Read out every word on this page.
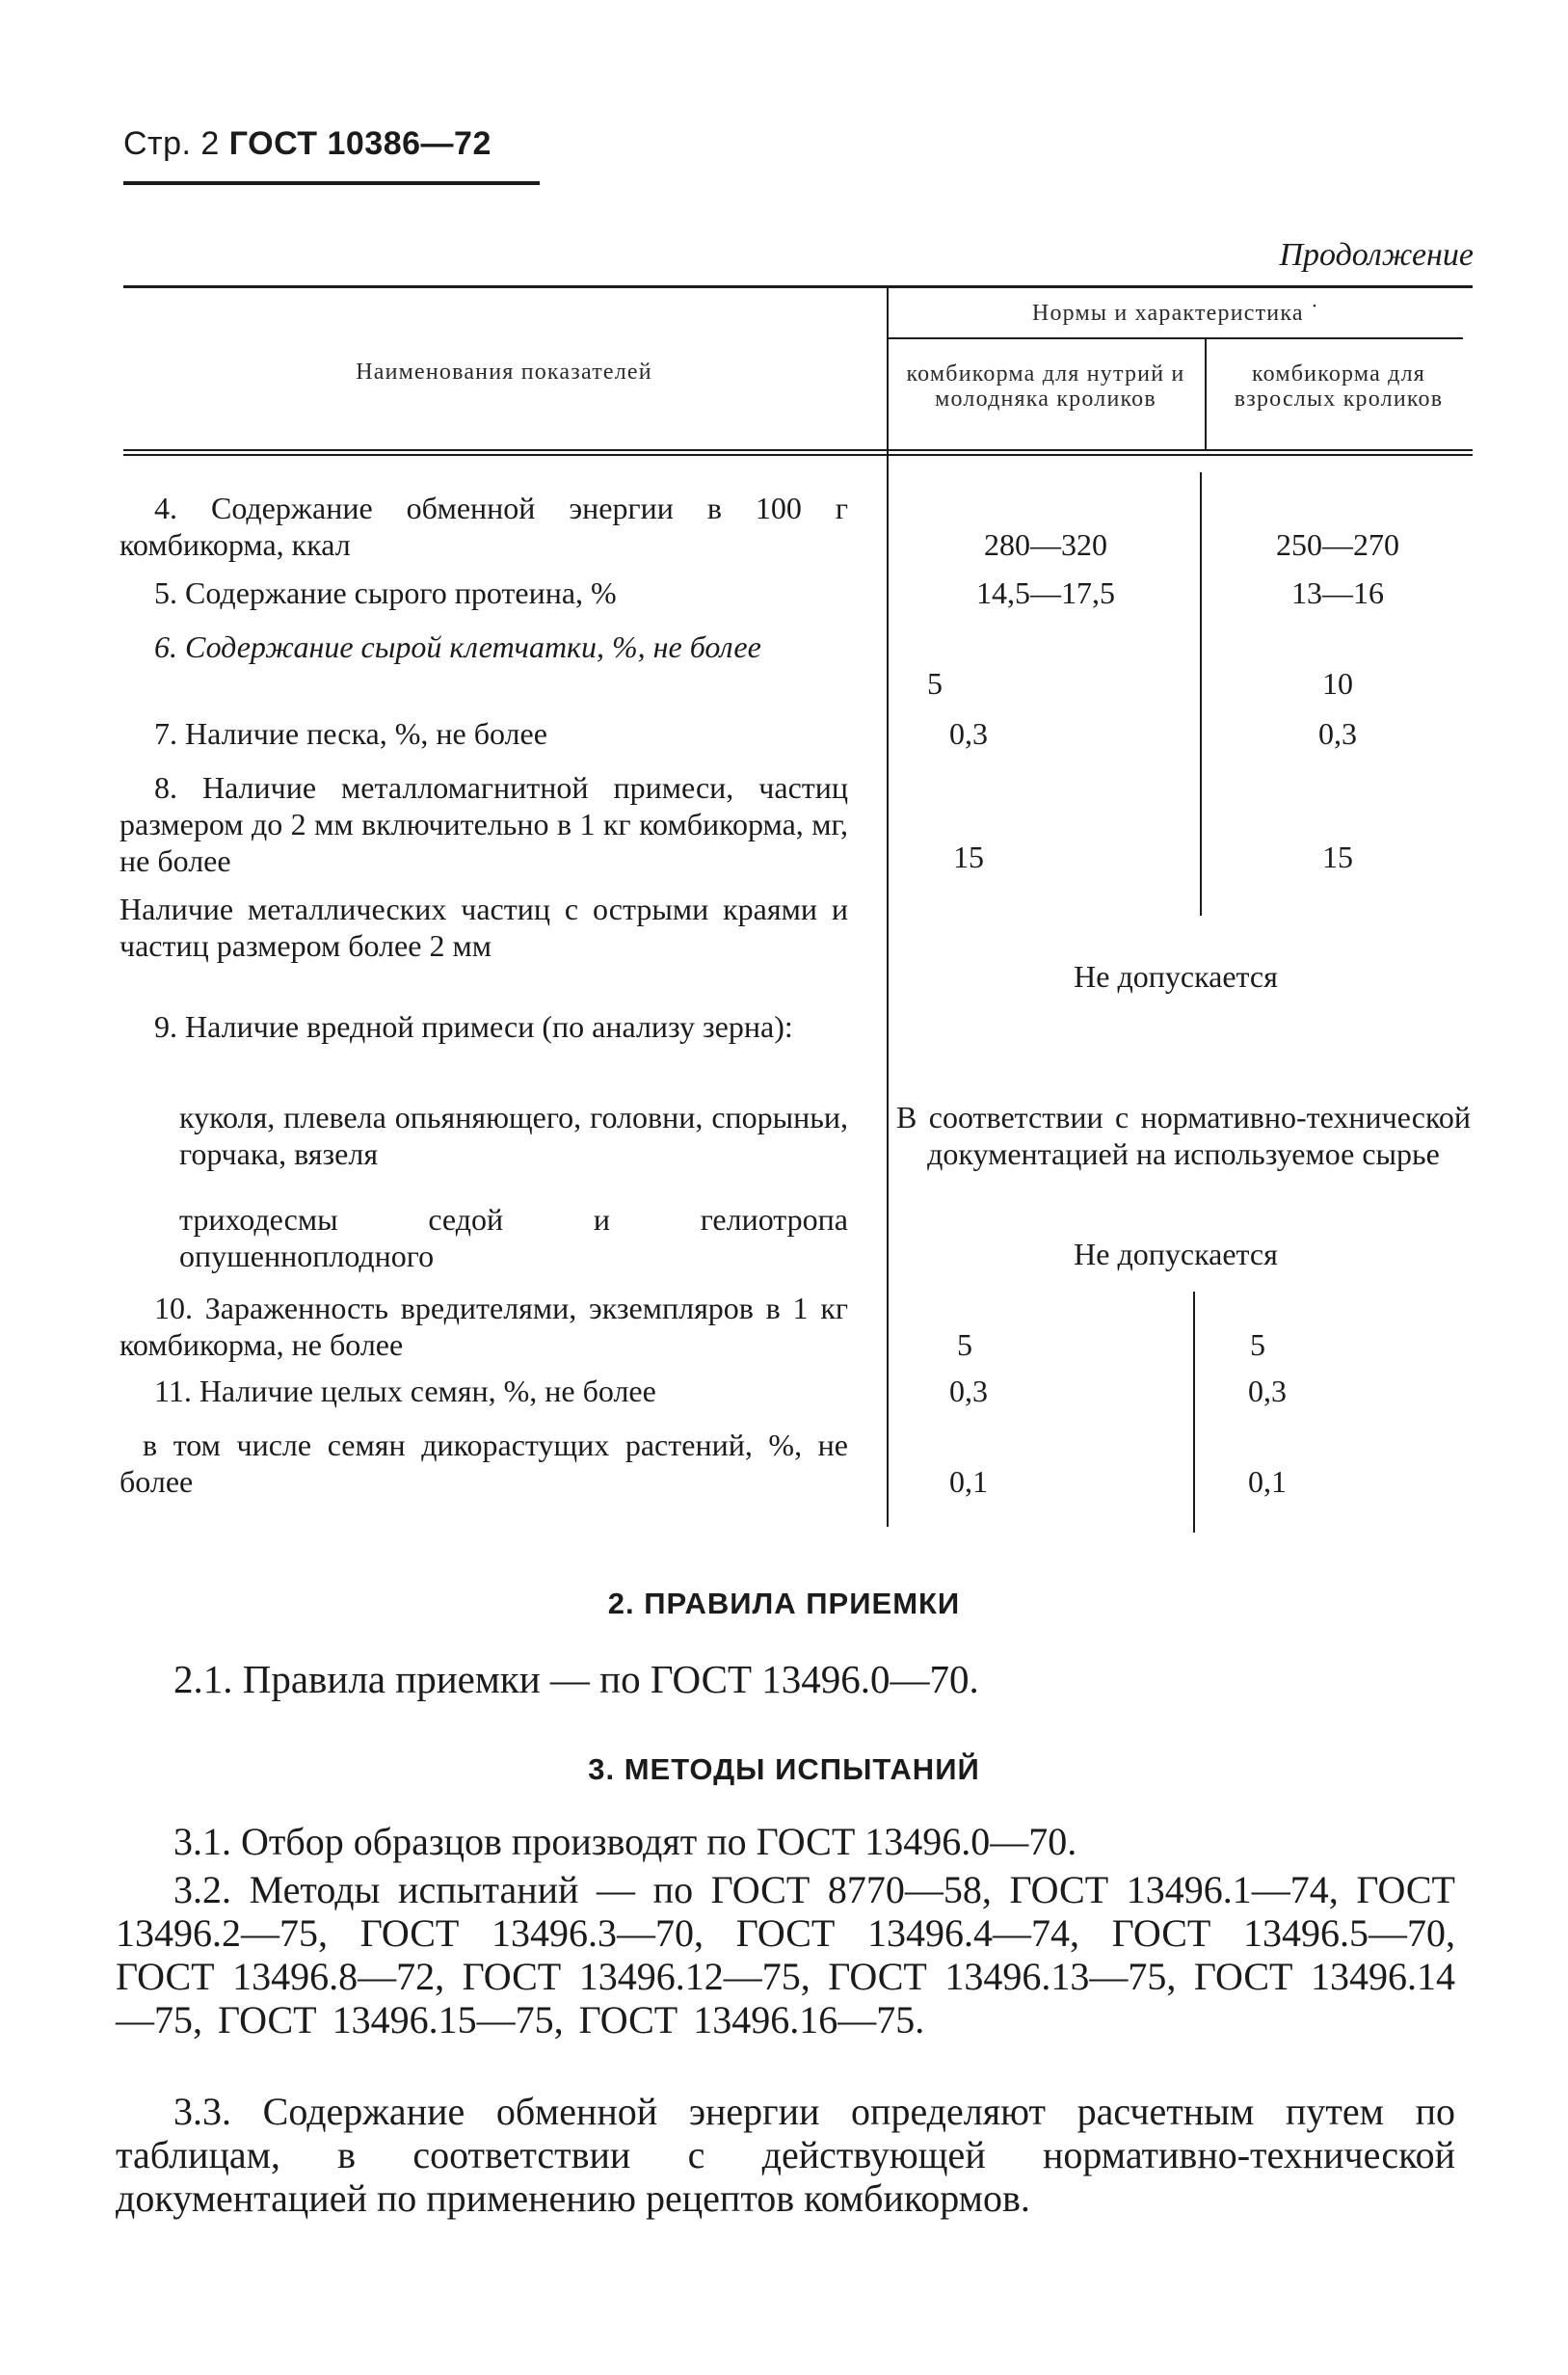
Стр. 2 ГОСТ 10386—72
Продолжение
Наименования показателей
Нормы и характеристика ˙
комбикорма для нутрий и молодняка кроликов
комбикорма для взрослых кроликов
4. Содержание обменной энергии в 100 г комбикорма, ккал	280—320	250—270
5. Содержание сырого протеина, %	14,5—17,5	13—16
6. Содержание сырой клетчатки, %, не более
5	10
7. Наличие песка, %, не более	0,3	0,3
8. Наличие металломагнитной примеси, частиц размером до 2 мм включительно в 1 кг комбикорма, мг, не более	15	15
Наличие металлических частиц с острыми краями и частиц размером более 2 мм
Не допускается
9. Наличие вредной примеси (по анализу зерна):
куколя, плевела опьяняющего, головни, спорыньи, горчака, вязеля
В соответствии с нормативно-технической документацией на используемое сырье
триходесмы седой и гелиотропа опушенноплодного	Не допускается
10. Зараженность вредителями, экземпляров в 1 кг комбикорма, не более	5	5
11. Наличие целых семян, %, не более	0,3	0,3
в том числе семян дикорастущих растений, %, не более	0,1	0,1
2. ПРАВИЛА ПРИЕМКИ
2.1. Правила приемки — по ГОСТ 13496.0—70.
3. МЕТОДЫ ИСПЫТАНИЙ
3.1. Отбор образцов производят по ГОСТ 13496.0—70.
3.2. Методы испытаний — по ГОСТ 8770—58, ГОСТ 13496.1—74, ГОСТ 13496.2—75, ГОСТ 13496.3—70, ГОСТ 13496.4—74, ГОСТ 13496.5—70, ГОСТ 13496.8—72, ГОСТ 13496.12—75, ГОСТ 13496.13—75, ГОСТ 13496.14—75, ГОСТ 13496.15—75, ГОСТ 13496.16—75.
3.3. Содержание обменной энергии определяют расчетным путем по таблицам, в соответствии с действующей нормативно-технической документацией по применению рецептов комбикормов.
